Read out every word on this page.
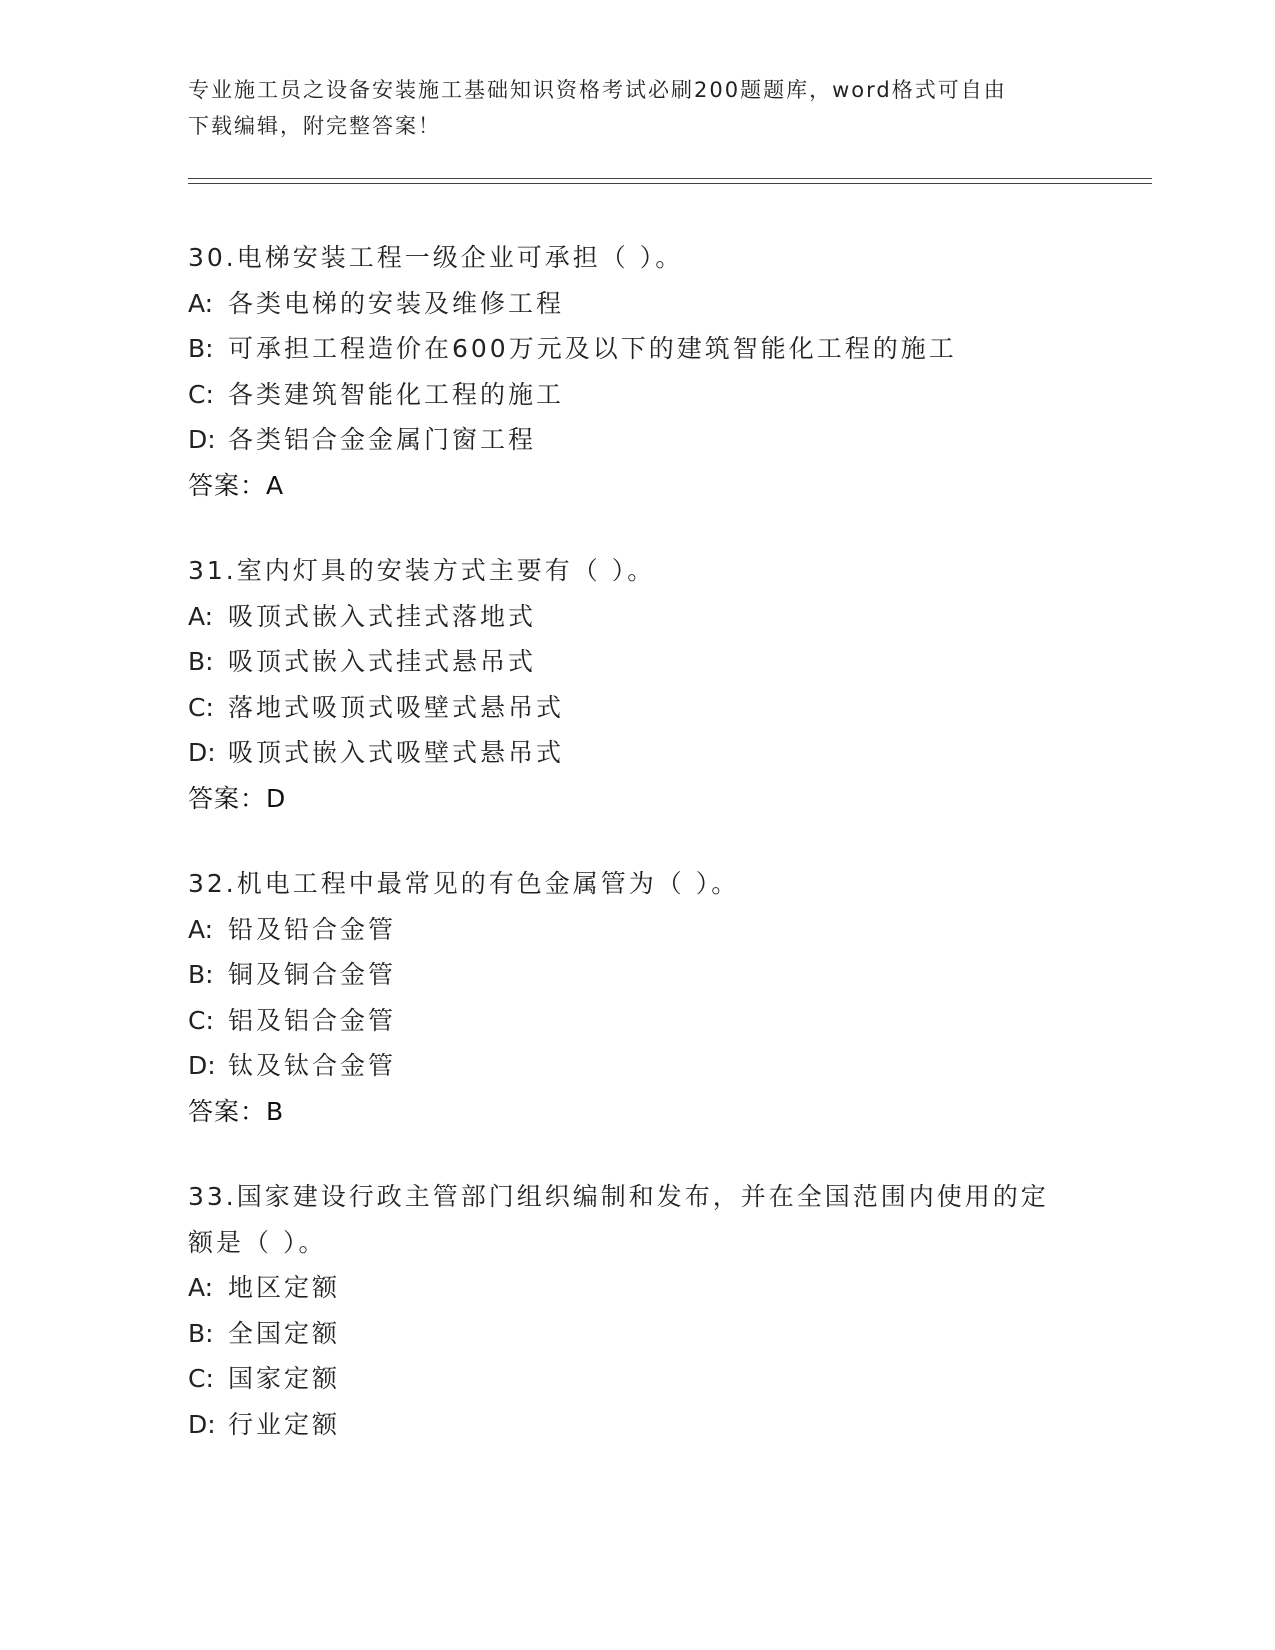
专业施工员之设备安装施工基础知识资格考试必刷200题题库，word格式可自由
下载编辑，附完整答案！
30.电梯安装工程一级企业可承担（ ）。
A: 各类电梯的安装及维修工程
B: 可承担工程造价在600万元及以下的建筑智能化工程的施工
C: 各类建筑智能化工程的施工
D: 各类铝合金金属门窗工程
答案：A
31.室内灯具的安装方式主要有（ ）。
A: 吸顶式嵌入式挂式落地式
B: 吸顶式嵌入式挂式悬吊式
C: 落地式吸顶式吸壁式悬吊式
D: 吸顶式嵌入式吸壁式悬吊式
答案：D
32.机电工程中最常见的有色金属管为（ ）。
A: 铅及铅合金管
B: 铜及铜合金管
C: 铝及铝合金管
D: 钛及钛合金管
答案：B
33.国家建设行政主管部门组织编制和发布，并在全国范围内使用的定
额是（ ）。
A: 地区定额
B: 全国定额
C: 国家定额
D: 行业定额
